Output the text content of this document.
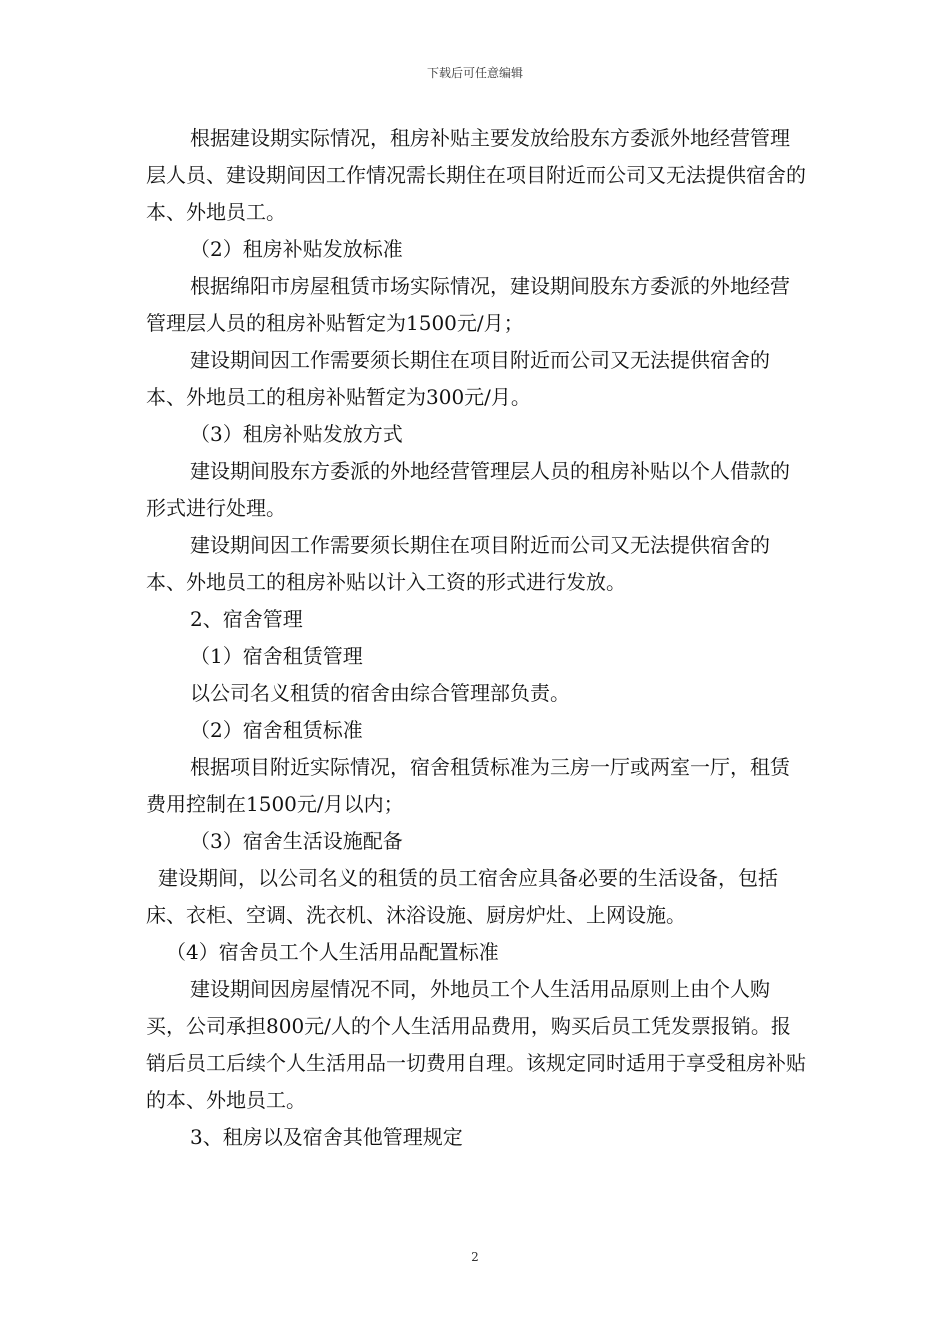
下载后可任意编辑

根据建设期实际情况，租房补贴主要发放给股东方委派外地经营管理层人员、建设期间因工作情况需长期住在项目附近而公司又无法提供宿舍的本、外地员工。

（2）租房补贴发放标准

根据绵阳市房屋租赁市场实际情况，建设期间股东方委派的外地经营管理层人员的租房补贴暂定为1500元/月；

建设期间因工作需要须长期住在项目附近而公司又无法提供宿舍的本、外地员工的租房补贴暂定为300元/月。

（3）租房补贴发放方式

建设期间股东方委派的外地经营管理层人员的租房补贴以个人借款的形式进行处理。

建设期间因工作需要须长期住在项目附近而公司又无法提供宿舍的本、外地员工的租房补贴以计入工资的形式进行发放。

2、宿舍管理

（1）宿舍租赁管理

以公司名义租赁的宿舍由综合管理部负责。

（2）宿舍租赁标准

根据项目附近实际情况，宿舍租赁标准为三房一厅或两室一厅，租赁费用控制在1500元/月以内；

（3）宿舍生活设施配备

建设期间，以公司名义的租赁的员工宿舍应具备必要的生活设备，包括床、衣柜、空调、洗衣机、沐浴设施、厨房炉灶、上网设施。

（4）宿舍员工个人生活用品配置标准

建设期间因房屋情况不同，外地员工个人生活用品原则上由个人购买，公司承担800元/人的个人生活用品费用，购买后员工凭发票报销。报销后员工后续个人生活用品一切费用自理。该规定同时适用于享受租房补贴的本、外地员工。

3、租房以及宿舍其他管理规定

2
